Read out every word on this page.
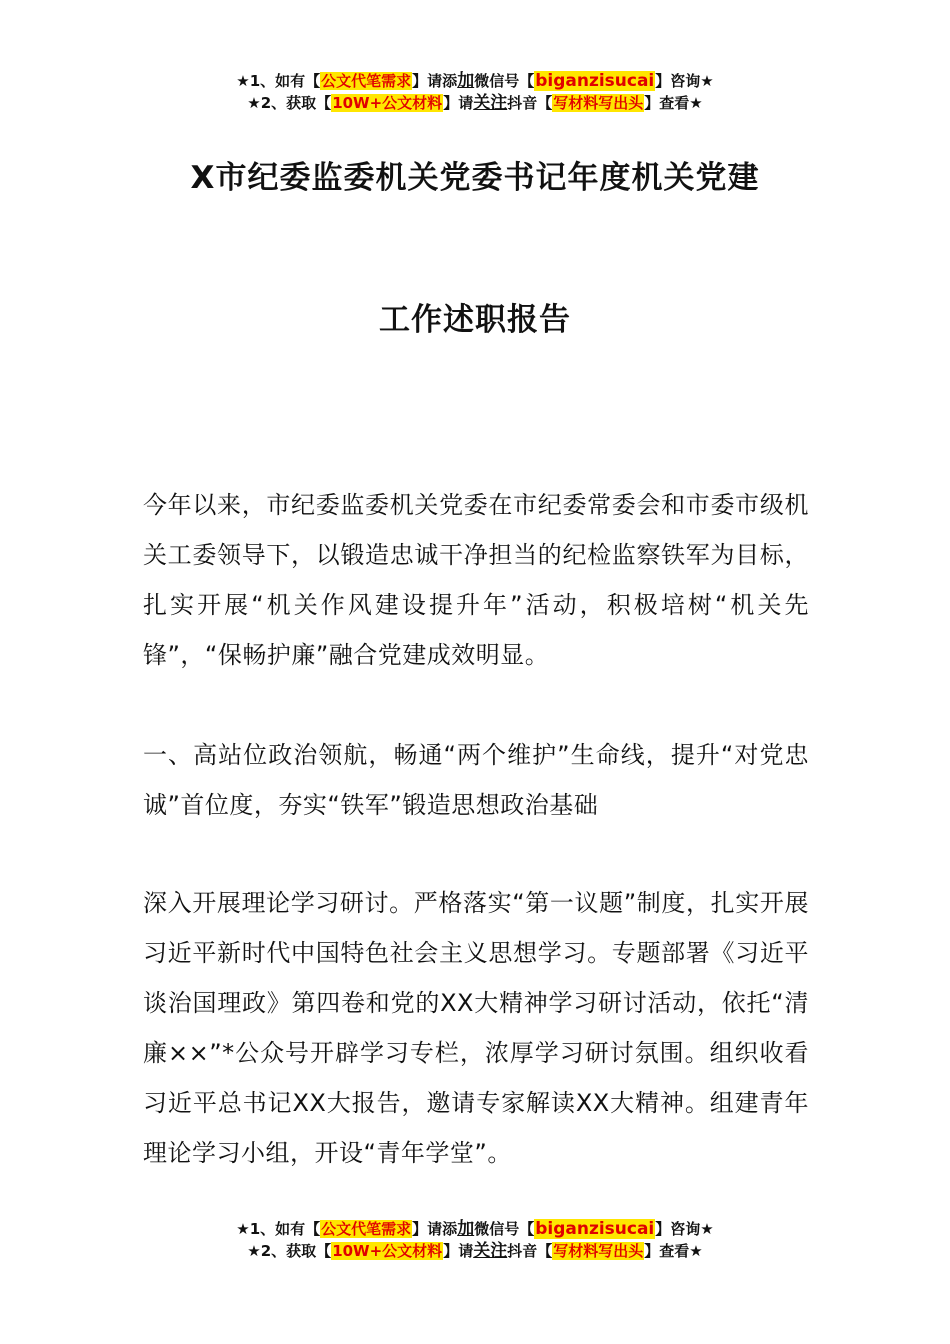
★1、如有【公文代笔需求】请添加微信号【biganzisucai】咨询★
★2、获取【10W+公文材料】请关注抖音【写材料写出头】查看★
X市纪委监委机关党委书记年度机关党建
工作述职报告

今年以来，市纪委监委机关党委在市纪委常委会和市委市级机关工委领导下，以锻造忠诚干净担当的纪检监察铁军为目标，扎实开展“机关作风建设提升年”活动，积极培树“机关先锋”，“保畅护廉”融合党建成效明显。

一、高站位政治领航，畅通“两个维护”生命线，提升“对党忠诚”首位度，夯实“铁军”锻造思想政治基础

深入开展理论学习研讨。严格落实“第一议题”制度，扎实开展习近平新时代中国特色社会主义思想学习。专题部署《习近平谈治国理政》第四卷和党的XX大精神学习研讨活动，依托“清廉××”*公众号开辟学习专栏，浓厚学习研讨氛围。组织收看习近平总书记XX大报告，邀请专家解读XX大精神。组建青年理论学习小组，开设“青年学堂”。

★1、如有【公文代笔需求】请添加微信号【biganzisucai】咨询★
★2、获取【10W+公文材料】请关注抖音【写材料写出头】查看★
